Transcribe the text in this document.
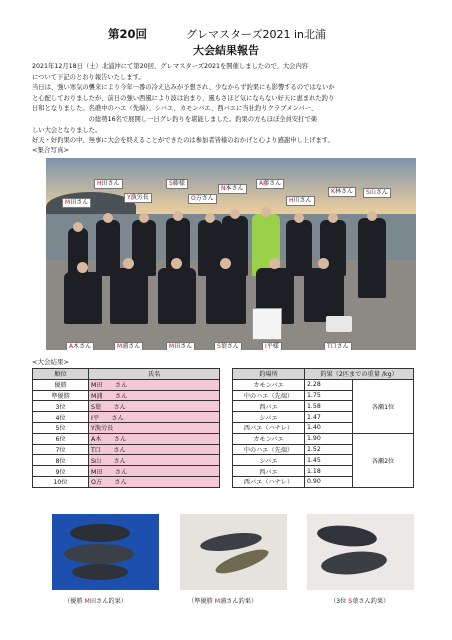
第20回	グレマスターズ2021 in北浦
大会結果報告

2021年12月18日（土）北浦沖にて第20回、グレマスターズ2021を開催しましたので、大会内容

について下記のとおり報告いたします。

当日は、強い寒気の襲来により今年一番の冷え込みが予想され、少なからず釣果にも影響するのではないか

と心配しておりましたが、前日の強い西風により波は治まり、風もさほど気にならない好天に恵まれた釣り

日和となりました。名礁中のハエ（先端）、シバエ、カモンバエ、西バエに当社釣りクラブメンバー、

　　　　　　　　　の総勢16名で展開し一日グレ釣りを堪能しました。釣果の方もほぼ全員安打で楽

しい大会となりました。

好天・好釣果の中、無事に大会を終えることができたのは参加者皆様のおかげと心より感謝申し上げます。

<集合写真>
H田さん	S藤様
N本さん
A藤さん
K林さん
Y漁労長	O方さん	H川さん
S山さん
M田さん
A木さん	M浦さん	M田さん	S葉さん	I平様	T口さん
<大会結果>
順位	氏名
優勝	M田　　さん
準優勝	M浦　　さん
3位	S葉　　さん
4位	I平　　さん
5位	Y漁労長
6位	A木　　さん
7位	T口　　さん
8位	S山　　さん
9位	M田　　さん
10位	O方　　さん
釣場所	釣果（2匹までの重量 /kg）	
カモンバエ	2.28	各瀬1位
中のハエ（先端）	1.75	
西バエ	1.58	
シバエ	1.47	
西バエ（ハナレ）	1.40	
カモンバエ	1.90	各瀬2位
中のハエ（先端）	1.52	
シバエ	1.45	
西バエ	1.18	
西バエ（ハナレ）	0.90	
（優勝 M田さん釣果）	（準優勝 M浦さん釣果）	（3位 S葉さん釣果）
